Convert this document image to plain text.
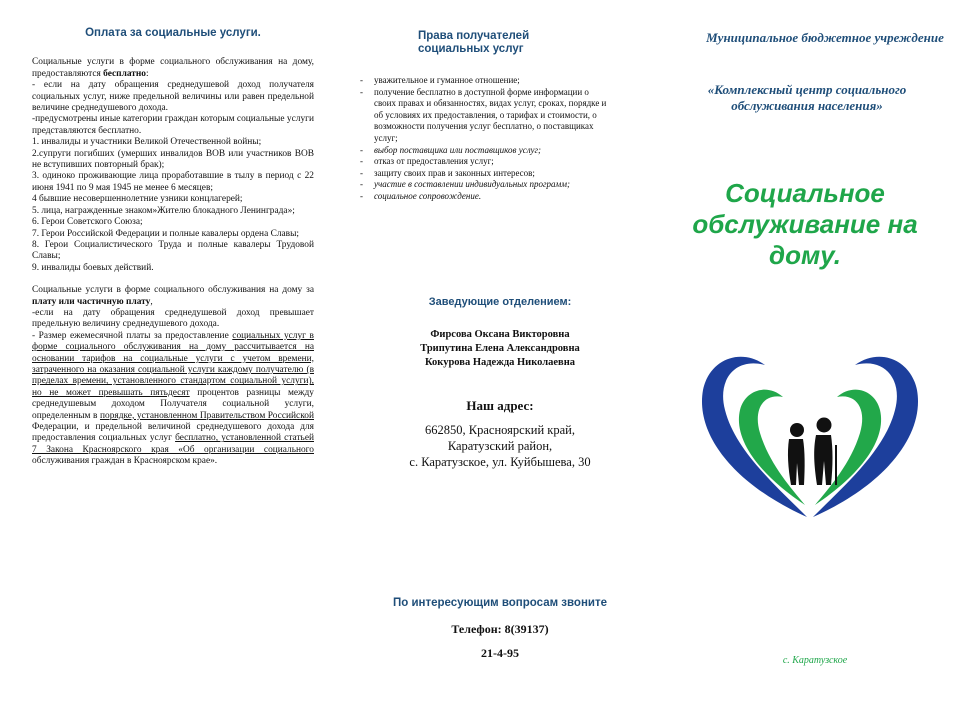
Оплата за социальные услуги.

Социальные услуги в форме социального обслуживания на дому, предоставляются бесплатно:

- если на дату обращения среднедушевой доход получателя социальных услуг, ниже предельной величины или равен предельной величине среднедушевого дохода.

-предусмотрены иные категории граждан которым социальные услуги представляются бесплатно.

1. инвалиды и участники Великой Отечественной войны;

2.супруги погибших (умерших инвалидов ВОВ или участников ВОВ не вступивших повторный брак);

3. одиноко проживающие лица проработавшие в тылу в период с 22 июня 1941 по 9 мая 1945 не менее 6 месяцев;

4 бывшие несовершеннолетние узники концлагерей;

5. лица, награжденные знаком»Жителю блокадного Ленинграда»;

6. Герои Советского Союза;

7. Герои Российской Федерации и полные кавалеры ордена Славы;

8. Герои Социалистического Труда и полные кавалеры Трудовой Славы;

9. инвалиды боевых действий.

Социальные услуги в форме социального обслуживания на дому за плату или частичную плату,

-если на дату обращения среднедушевой доход превышает предельную величину среднедушевого дохода.

- Размер ежемесячной платы за предоставление социальных услуг в форме социального обслуживания на дому рассчитывается на основании тарифов на социальные услуги с учетом времени, затраченного на оказания социальной услуги каждому получателю (в пределах времени, установленного стандартом социальной услуги), но не может превышать пятьдесят процентов разницы между среднедушевым доходом Получателя социальной услуги, определенным в порядке, установленном Правительством Российской Федерации, и предельной величиной среднедушевого дохода для предоставления социальных услуг бесплатно, установленной статьей 7 Закона Красноярского края «Об организации социального обслуживания граждан в Красноярском крае».

Права получателей социальных услуг
-	уважительное и гуманное отношение;
-	получение бесплатно в доступной форме информации о своих правах и обязанностях, видах услуг, сроках, порядке и об условиях их предоставления, о тарифах и стоимости, о возможности получения услуг бесплатно, о поставщиках услуг;
-	выбор поставщика или поставщиков услуг;
-	отказ от предоставления услуг;
-	защиту своих прав и законных интересов;
-	участие в составлении индивидуальных программ;
-	социальное сопровождение.
Заведующие отделением:
Фирсова Оксана Викторовна
Трипутина Елена Александровна
Кокурова Надежда Николаевна
Наш адрес:
662850, Красноярский край,
Каратузский район,
с. Каратузское, ул. Куйбышева, 30
По интересующим вопросам звоните
Телефон: 8(39137)
21-4-95
Муниципальное бюджетное учреждение
«Комплексный центр социального обслуживания населения»
Социальное обслуживание на дому.
с. Каратузское
